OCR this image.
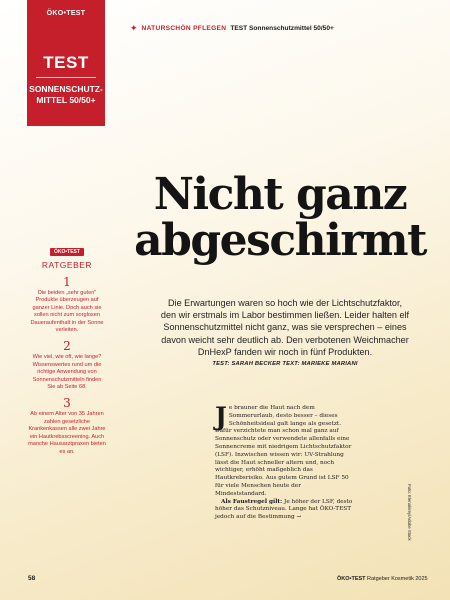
ÖKO•TEST
TEST
SONNENSCHUTZ-
MITTEL 50/50+
✦ NATURSCHÖN PFLEGEN TEST Sonnenschutzmittel 50/50+
Nicht ganz
abgeschirmt
Die Erwartungen waren so hoch wie der Lichtschutzfaktor, den wir erstmals im Labor bestimmen ließen. Leider halten elf Sonnenschutzmittel nicht ganz, was sie versprechen – eines davon weicht sehr deutlich ab. Den verbotenen Weichmacher DnHexP fanden wir noch in fünf Produkten.
TEST: SARAH BECKER TEXT: MARIEKE MARIANI
ÖKO•TEST
RATGEBER
1
Die beiden „sehr guten" Produkte überzeugen auf ganzer Linie. Doch auch sie sollen nicht zum sorglosen Daueraufenthalt in der Sonne verleiten.
2
Wie viel, wie oft, wie lange? Wissenswertes rund um die richtige Anwendung von Sonnenschutzmitteln finden Sie ab Seite 68.
3
Ab einem Alter von 35 Jahren zahlen gesetzliche Krankenkassen alle zwei Jahre ein Hautkrebsscreening. Auch manche Hausarztpraxen bieten es an.

Je brauner die Haut nach dem Sommerurlaub, desto besser – dieses Schönheitsideal galt lange als gesetzt. Dafür verzichtete man schon mal ganz auf Sonnenschutz oder verwendete allenfalls eine Sonnencreme mit niedrigem Lichtschutzfaktor (LSF). Inzwischen wissen wir: UV-Strahlung lässt die Haut schneller altern und, noch wichtiger, erhöht maßgeblich das Hautkrebsrisiko. Aus gutem Grund ist LSF 50 für viele Menschen heute der Mindeststandard.

Als Faustregel gilt: Je höher der LSF, desto höher das Schutzniveau. Lange hat ÖKO-TEST jedoch auf die Bestimmung →	Foto: Elenakirey/Adobe Stock
58	ÖKO•TEST Ratgeber Kosmetik 2025
